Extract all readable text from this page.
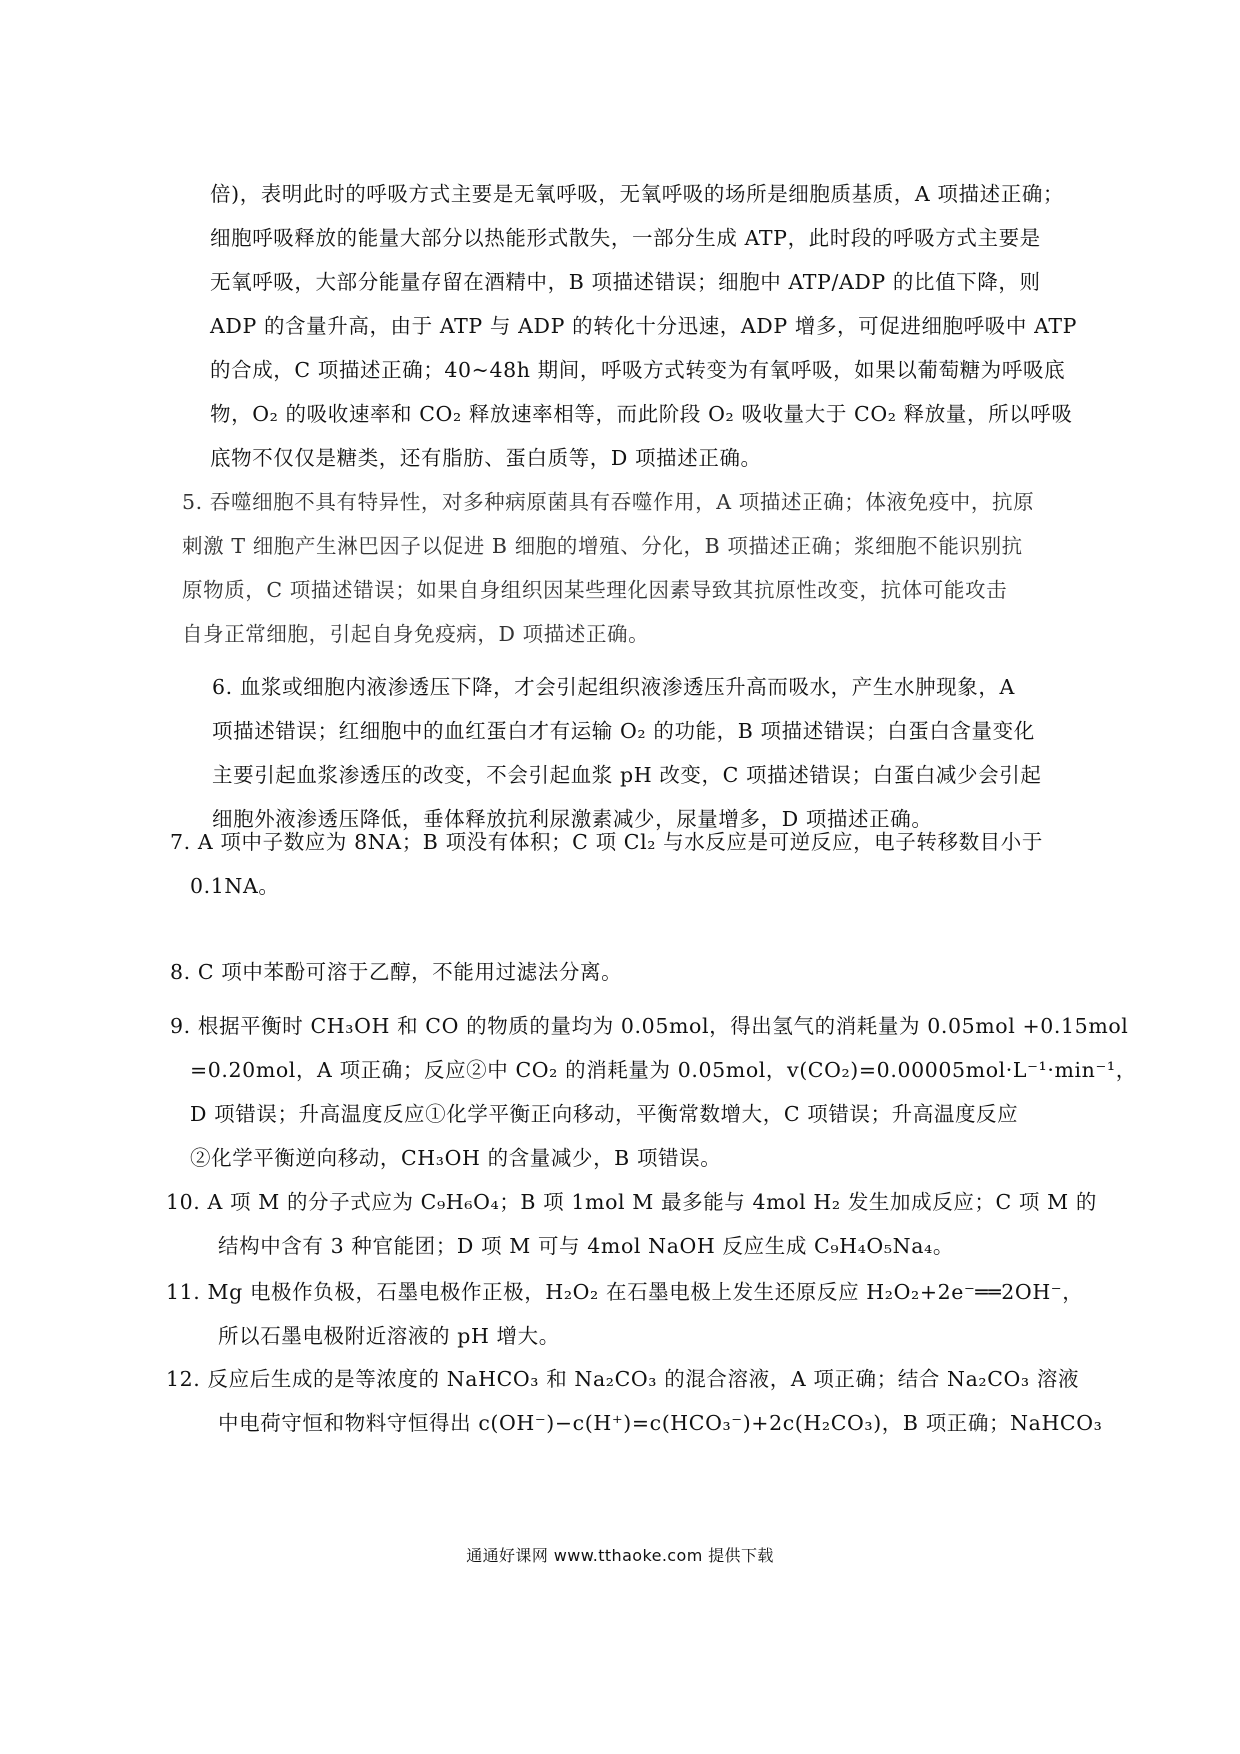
倍)，表明此时的呼吸方式主要是无氧呼吸，无氧呼吸的场所是细胞质基质，A 项描述正确；
细胞呼吸释放的能量大部分以热能形式散失，一部分生成 ATP，此时段的呼吸方式主要是
无氧呼吸，大部分能量存留在酒精中，B 项描述错误；细胞中 ATP/ADP 的比值下降，则
ADP 的含量升高，由于 ATP 与 ADP 的转化十分迅速，ADP 增多，可促进细胞呼吸中 ATP
的合成，C 项描述正确；40~48h 期间，呼吸方式转变为有氧呼吸，如果以葡萄糖为呼吸底
物，O₂ 的吸收速率和 CO₂ 释放速率相等，而此阶段 O₂ 吸收量大于 CO₂ 释放量，所以呼吸
底物不仅仅是糖类，还有脂肪、蛋白质等，D 项描述正确。
5. 吞噬细胞不具有特异性，对多种病原菌具有吞噬作用，A 项描述正确；体液免疫中，抗原
刺激 T 细胞产生淋巴因子以促进 B 细胞的增殖、分化，B 项描述正确；浆细胞不能识别抗
原物质，C 项描述错误；如果自身组织因某些理化因素导致其抗原性改变，抗体可能攻击
自身正常细胞，引起自身免疫病，D 项描述正确。
6. 血浆或细胞内液渗透压下降，才会引起组织液渗透压升高而吸水，产生水肿现象，A
项描述错误；红细胞中的血红蛋白才有运输 O₂ 的功能，B 项描述错误；白蛋白含量变化
主要引起血浆渗透压的改变，不会引起血浆 pH 改变，C 项描述错误；白蛋白减少会引起
细胞外液渗透压降低，垂体释放抗利尿激素减少，尿量增多，D 项描述正确。
7. A 项中子数应为 8NA；B 项没有体积；C 项 Cl₂ 与水反应是可逆反应，电子转移数目小于
0.1NA。
8. C 项中苯酚可溶于乙醇，不能用过滤法分离。
9. 根据平衡时 CH₃OH 和 CO 的物质的量均为 0.05mol，得出氢气的消耗量为 0.05mol +0.15mol
=0.20mol，A 项正确；反应②中 CO₂ 的消耗量为 0.05mol，v(CO₂)=0.00005mol·L⁻¹·min⁻¹，
D 项错误；升高温度反应①化学平衡正向移动，平衡常数增大，C 项错误；升高温度反应
②化学平衡逆向移动，CH₃OH 的含量减少，B 项错误。
10. A 项 M 的分子式应为 C₉H₆O₄；B 项 1mol M 最多能与 4mol H₂ 发生加成反应；C 项 M 的
结构中含有 3 种官能团；D 项 M 可与 4mol NaOH 反应生成 C₉H₄O₅Na₄。
11. Mg 电极作负极，石墨电极作正极，H₂O₂ 在石墨电极上发生还原反应 H₂O₂+2e⁻══2OH⁻，
所以石墨电极附近溶液的 pH 增大。
12. 反应后生成的是等浓度的 NaHCO₃ 和 Na₂CO₃ 的混合溶液，A 项正确；结合 Na₂CO₃ 溶液
中电荷守恒和物料守恒得出 c(OH⁻)−c(H⁺)=c(HCO₃⁻)+2c(H₂CO₃)，B 项正确；NaHCO₃
通通好课网 www.tthaoke.com 提供下载
